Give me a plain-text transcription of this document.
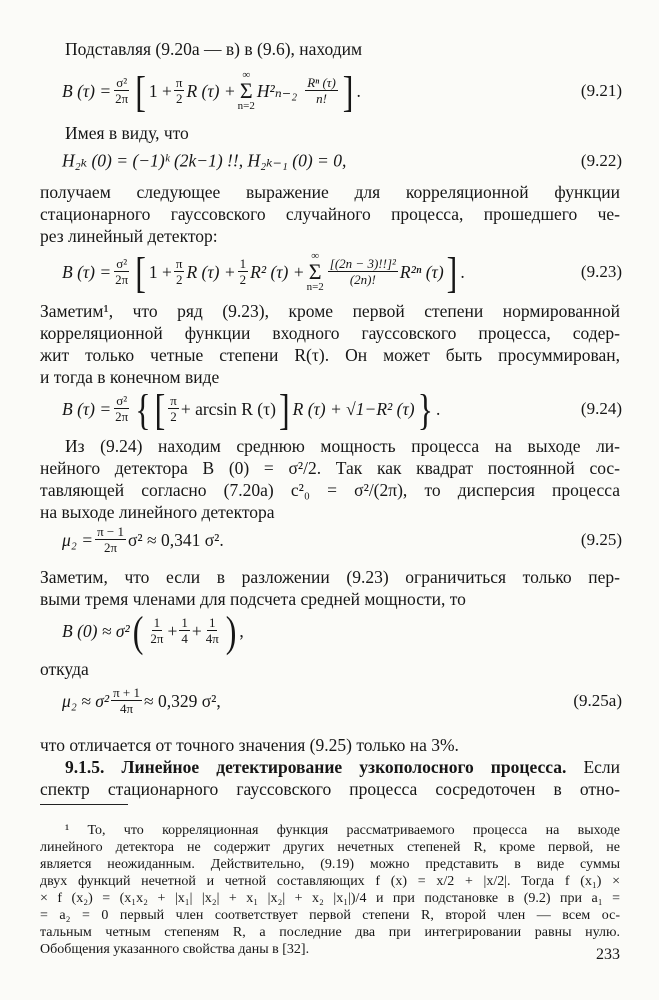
Подставляя (9.20а — в) в (9.6), находим
B $(\tau) = \frac{\text{σ²}}{2\pi}$ [ $1 + \frac{\pi}{2}$ R (τ) +
∞
Σ
n=2
$H^2_{n-2} \frac{\text{Rⁿ (τ)}}{n!}$ ] .	(9.21)
Имея в виду, что
H₂ₖ (0) = (−1)ᵏ (2k−1) !!, H₂ₖ₋₁ (0) = 0,	(9.22)
получаем следующее выражение для корреляционной функции
стационарного гауссовского случайного процесса, прошедшего че-
рез линейный детектор:
B $(\tau) = \frac{\text{σ²}}{2\pi}$ [ $1 + \frac{\pi}{2}$ R $(\tau) + \frac{1}{2} R^2$ (τ) +
∞
Σ
$n=2 \frac{\text{[(2n − 3)!!]²}}{(2n)!} R^{2n}$ (τ) ] .	(9.23)
Заметим¹, что ряд (9.23), кроме первой степени нормированной
корреляционной функции входного гауссовского процесса, содер-
жит только четные степени R(τ). Он может быть просуммирован,
и тогда в конечном виде
B $(\tau) = \frac{\text{σ²}}{2\pi}$ { [ $\frac{\pi}{2} + \arcsin R$ (τ) ] R (τ) + √1−R² (τ) } .	(9.24)
Из (9.24) находим среднюю мощность процесса на выходе ли-
нейного детектора B (0) = σ²/2. Так как квадрат постоянной сос-
тавляющей согласно (7.20а) c²₀ = σ²/(2π), то дисперсия процесса
на выходе линейного детектора
$\mu_2 = \frac{\pi - 1}{2\pi} \sigma^2 \approx 0,341$ σ².	(9.25)
Заметим, что если в разложении (9.23) ограничиться только пер-
выми тремя членами для подсчета средней мощности, то
B (0) ≈ σ² ( $\frac{1}{2\pi} + \frac{1}{4} + \frac{1}{4\pi}$ ) ,
откуда
$\mu_2 \approx \sigma^2 \frac{\pi + 1}{4\pi} \approx 0,329$ σ²,	(9.25а)
что отличается от точного значения (9.25) только на 3%.
9.1.5. Линейное детектирование узкополосного процесса. Если
спектр стационарного гауссовского процесса сосредоточен в отно-
¹ То, что корреляционная функция рассматриваемого процесса на выходе
линейного детектора не содержит других нечетных степеней R, кроме первой, не
является неожиданным. Действительно, (9.19) можно представить в виде суммы
двух функций нечетной и четной составляющих f (x) = x/2 + |x/2|. Тогда f (x₁) ×
× f (x₂) = (x₁x₂ + |x₁| |x₂| + x₁ |x₂| + x₂ |x₁|)/4 и при подстановке в (9.2) при a₁ =
= a₂ = 0 первый член соответствует первой степени R, второй член — всем ос-
тальным четным степеням R, а последние два при интегрировании равны нулю.
Обобщения указанного свойства даны в [32].	233
